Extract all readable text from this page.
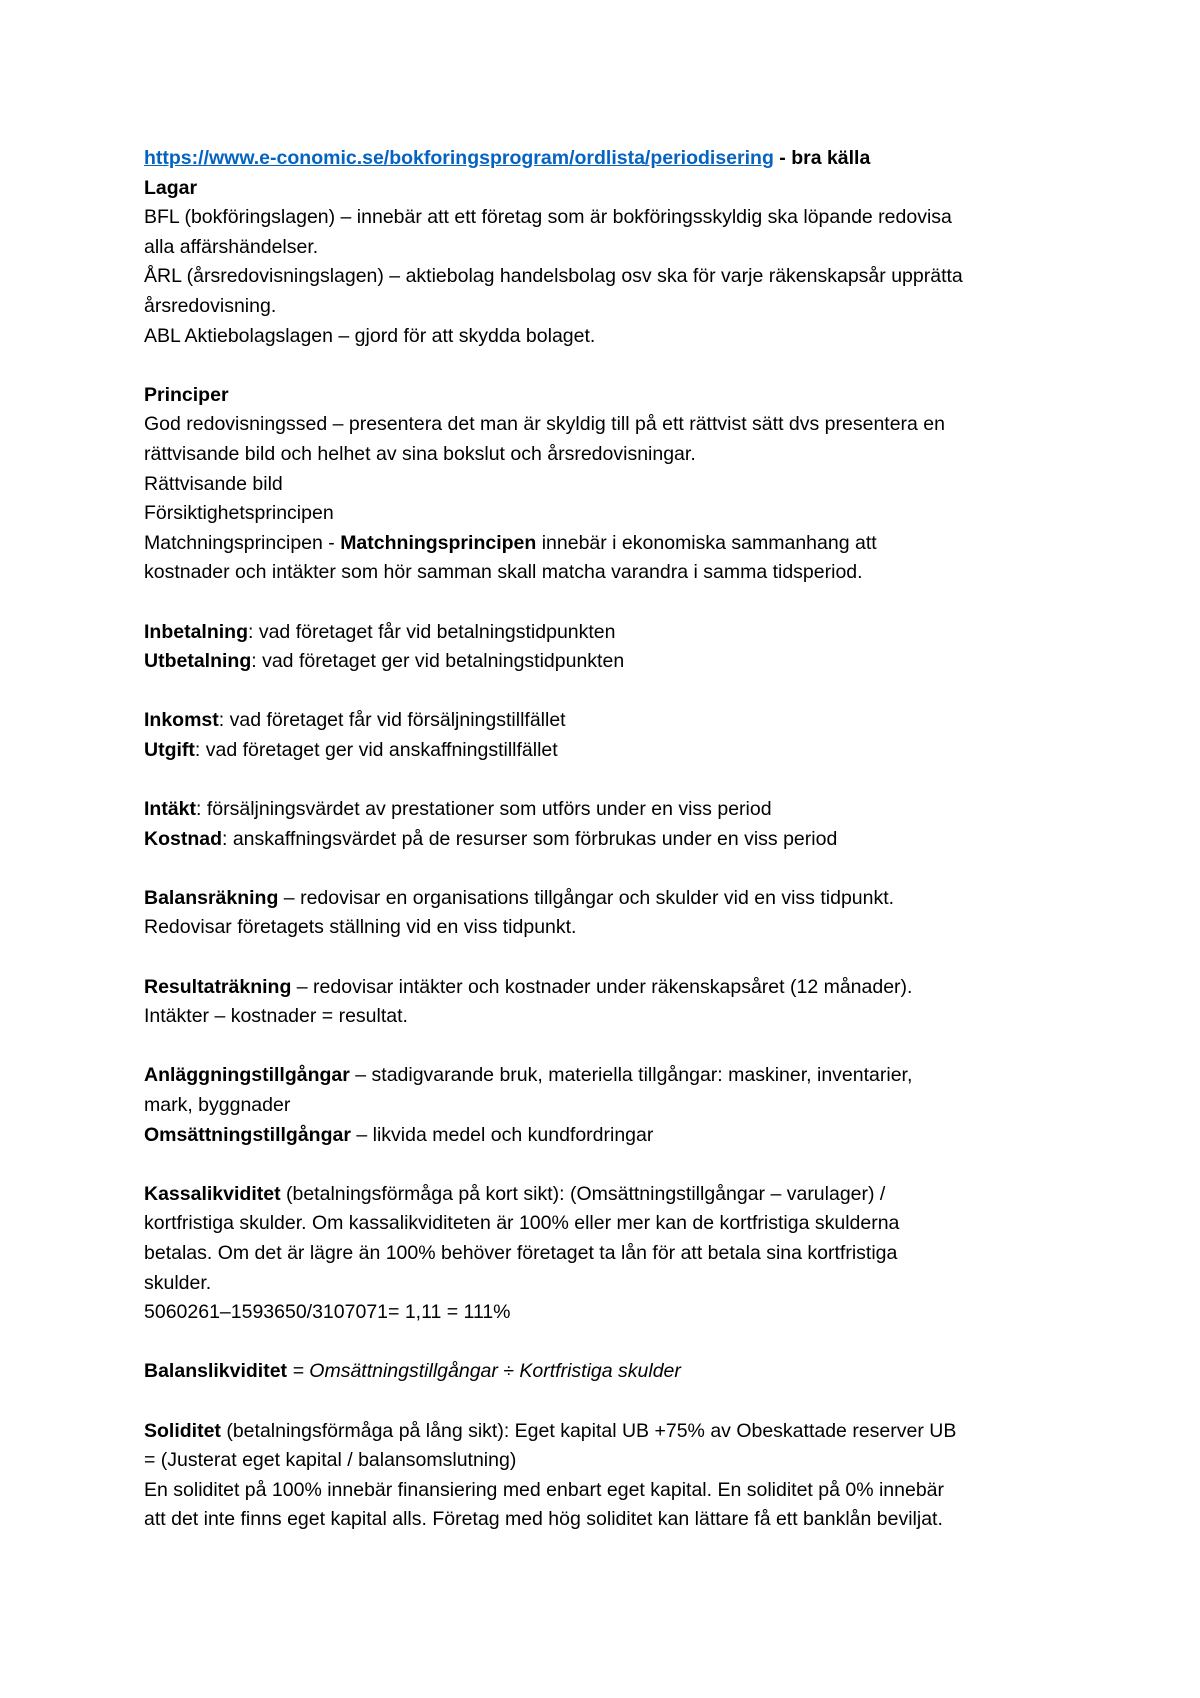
https://www.e-conomic.se/bokforingsprogram/ordlista/periodisering - bra källa
Lagar
BFL (bokföringslagen) – innebär att ett företag som är bokföringsskyldig ska löpande redovisa
alla affärshändelser.
ÅRL (årsredovisningslagen) – aktiebolag handelsbolag osv ska för varje räkenskapsår upprätta
årsredovisning.
ABL Aktiebolagslagen – gjord för att skydda bolaget.
Principer
God redovisningssed – presentera det man är skyldig till på ett rättvist sätt dvs presentera en
rättvisande bild och helhet av sina bokslut och årsredovisningar.
Rättvisande bild
Försiktighetsprincipen
Matchningsprincipen - Matchningsprincipen innebär i ekonomiska sammanhang att
kostnader och intäkter som hör samman skall matcha varandra i samma tidsperiod.
Inbetalning: vad företaget får vid betalningstidpunkten
Utbetalning: vad företaget ger vid betalningstidpunkten
Inkomst: vad företaget får vid försäljningstillfället
Utgift: vad företaget ger vid anskaffningstillfället
Intäkt: försäljningsvärdet av prestationer som utförs under en viss period
Kostnad: anskaffningsvärdet på de resurser som förbrukas under en viss period
Balansräkning – redovisar en organisations tillgångar och skulder vid en viss tidpunkt.
Redovisar företagets ställning vid en viss tidpunkt.
Resultaträkning – redovisar intäkter och kostnader under räkenskapsåret (12 månader).
Intäkter – kostnader = resultat.
Anläggningstillgångar – stadigvarande bruk, materiella tillgångar: maskiner, inventarier,
mark, byggnader
Omsättningstillgångar – likvida medel och kundfordringar
Kassalikviditet (betalningsförmåga på kort sikt): (Omsättningstillgångar – varulager) /
kortfristiga skulder. Om kassalikviditeten är 100% eller mer kan de kortfristiga skulderna
betalas. Om det är lägre än 100% behöver företaget ta lån för att betala sina kortfristiga
skulder.
5060261–1593650/3107071= 1,11 = 111%
Balanslikviditet = Omsättningstillgångar ÷ Kortfristiga skulder
Soliditet (betalningsförmåga på lång sikt): Eget kapital UB +75% av Obeskattade reserver UB
= (Justerat eget kapital / balansomslutning)
En soliditet på 100% innebär finansiering med enbart eget kapital. En soliditet på 0% innebär
att det inte finns eget kapital alls. Företag med hög soliditet kan lättare få ett banklån beviljat.
